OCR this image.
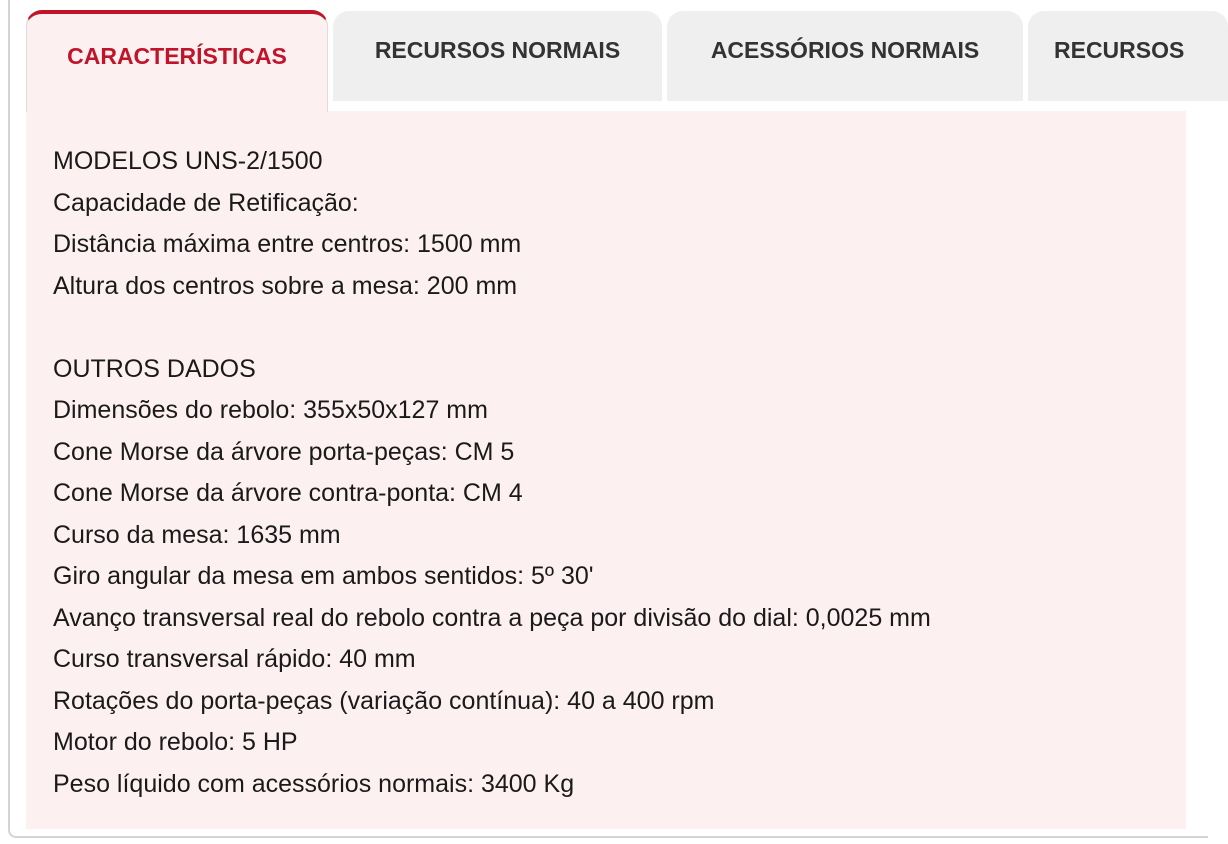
CARACTERÍSTICAS	RECURSOS NORMAIS	ACESSÓRIOS NORMAIS	RECURSOS
MODELOS UNS-2/1500
Capacidade de Retificação:
Distância máxima entre centros: 1500 mm
Altura dos centros sobre a mesa: 200 mm
OUTROS DADOS
Dimensões do rebolo: 355x50x127 mm
Cone Morse da árvore porta-peças: CM 5
Cone Morse da árvore contra-ponta: CM 4
Curso da mesa: 1635 mm
Giro angular da mesa em ambos sentidos: 5º 30'
Avanço transversal real do rebolo contra a peça por divisão do dial: 0,0025 mm
Curso transversal rápido: 40 mm
Rotações do porta-peças (variação contínua): 40 a 400 rpm
Motor do rebolo: 5 HP
Peso líquido com acessórios normais: 3400 Kg
